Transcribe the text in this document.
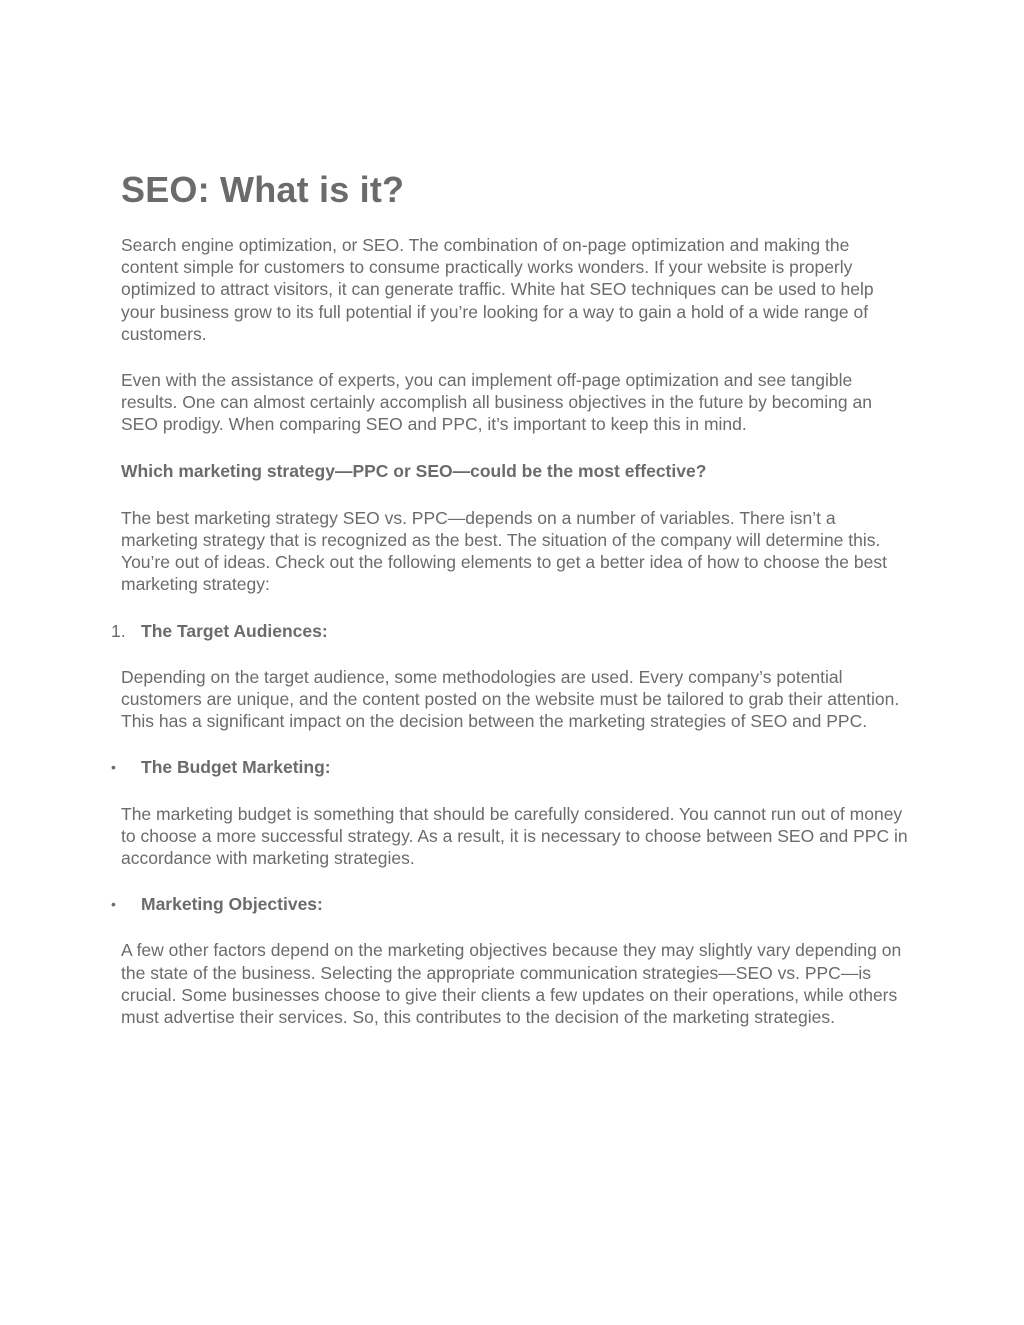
SEO: What is it?

Search engine optimization, or SEO. The combination of on-page optimization and making the content simple for customers to consume practically works wonders. If your website is properly optimized to attract visitors, it can generate traffic. White hat SEO techniques can be used to help your business grow to its full potential if you’re looking for a way to gain a hold of a wide range of customers.

Even with the assistance of experts, you can implement off-page optimization and see tangible results. One can almost certainly accomplish all business objectives in the future by becoming an SEO prodigy. When comparing SEO and PPC, it’s important to keep this in mind.

Which marketing strategy—PPC or SEO—could be the most effective?

The best marketing strategy SEO vs. PPC—depends on a number of variables. There isn’t a marketing strategy that is recognized as the best. The situation of the company will determine this. You’re out of ideas. Check out the following elements to get a better idea of how to choose the best marketing strategy:

1. The Target Audiences:

Depending on the target audience, some methodologies are used. Every company’s potential customers are unique, and the content posted on the website must be tailored to grab their attention. This has a significant impact on the decision between the marketing strategies of SEO and PPC.

•	The Budget Marketing:

The marketing budget is something that should be carefully considered. You cannot run out of money to choose a more successful strategy. As a result, it is necessary to choose between SEO and PPC in accordance with marketing strategies.

•	Marketing Objectives:

A few other factors depend on the marketing objectives because they may slightly vary depending on the state of the business. Selecting the appropriate communication strategies—SEO vs. PPC—is crucial. Some businesses choose to give their clients a few updates on their operations, while others must advertise their services. So, this contributes to the decision of the marketing strategies.
